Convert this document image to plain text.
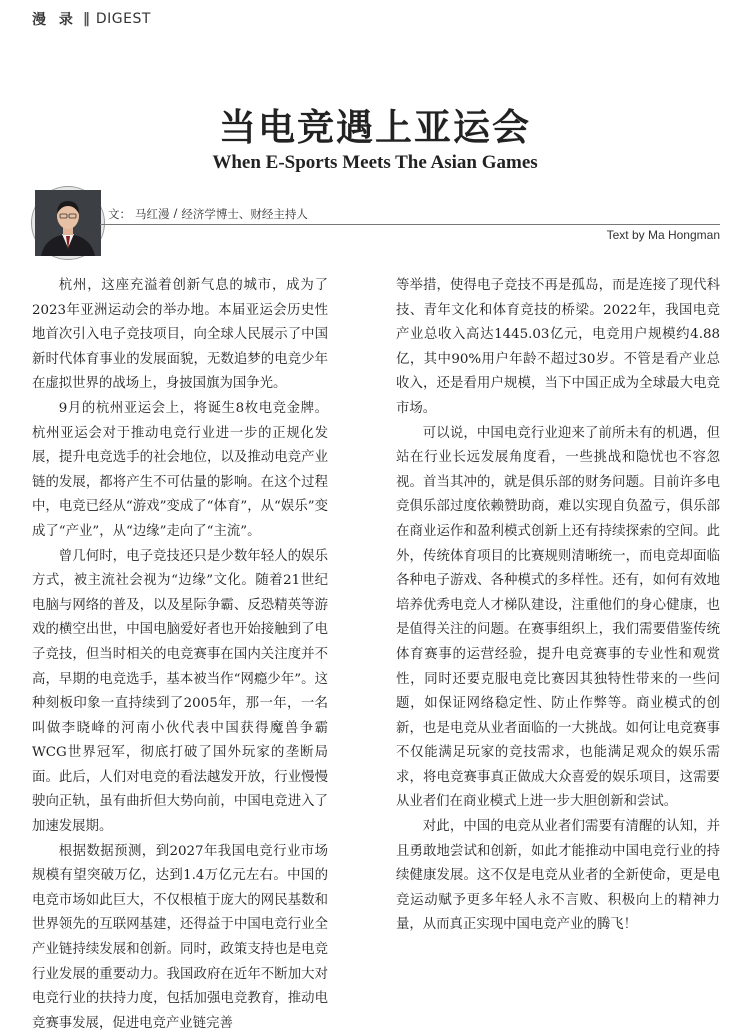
漫 录 ‖ DIGEST
当电竞遇上亚运会
When E-Sports Meets The Asian Games
文： 马红漫 / 经济学博士、财经主持人
Text by Ma Hongman

杭州，这座充溢着创新气息的城市，成为了2023年亚洲运动会的举办地。本届亚运会历史性地首次引入电子竞技项目，向全球人民展示了中国新时代体育事业的发展面貌，无数追梦的电竞少年在虚拟世界的战场上，身披国旗为国争光。

9月的杭州亚运会上，将诞生8枚电竞金牌。杭州亚运会对于推动电竞行业进一步的正规化发展，提升电竞选手的社会地位，以及推动电竞产业链的发展，都将产生不可估量的影响。在这个过程中，电竞已经从“游戏”变成了“体育”，从“娱乐”变成了“产业”，从“边缘”走向了“主流”。

曾几何时，电子竞技还只是少数年轻人的娱乐方式，被主流社会视为“边缘”文化。随着21世纪电脑与网络的普及，以及星际争霸、反恐精英等游戏的横空出世，中国电脑爱好者也开始接触到了电子竞技，但当时相关的电竞赛事在国内关注度并不高，早期的电竞选手，基本被当作“网瘾少年”。这种刻板印象一直持续到了2005年，那一年，一名叫做李晓峰的河南小伙代表中国获得魔兽争霸WCG世界冠军，彻底打破了国外玩家的垄断局面。此后，人们对电竞的看法越发开放，行业慢慢驶向正轨，虽有曲折但大势向前，中国电竞进入了加速发展期。

根据数据预测，到2027年我国电竞行业市场规模有望突破万亿，达到1.4万亿元左右。中国的电竞市场如此巨大，不仅根植于庞大的网民基数和世界领先的互联网基建，还得益于中国电竞行业全产业链持续发展和创新。同时，政策支持也是电竞行业发展的重要动力。我国政府在近年不断加大对电竞行业的扶持力度，包括加强电竞教育，推动电竞赛事发展，促进电竞产业链完善

等举措，使得电子竞技不再是孤岛，而是连接了现代科技、青年文化和体育竞技的桥梁。2022年，我国电竞产业总收入高达1445.03亿元，电竞用户规模约4.88亿，其中90%用户年龄不超过30岁。不管是看产业总收入，还是看用户规模，当下中国正成为全球最大电竞市场。

可以说，中国电竞行业迎来了前所未有的机遇，但站在行业长远发展角度看，一些挑战和隐忧也不容忽视。首当其冲的，就是俱乐部的财务问题。目前许多电竞俱乐部过度依赖赞助商，难以实现自负盈亏，俱乐部在商业运作和盈利模式创新上还有持续探索的空间。此外，传统体育项目的比赛规则清晰统一，而电竞却面临各种电子游戏、各种模式的多样性。还有，如何有效地培养优秀电竞人才梯队建设，注重他们的身心健康，也是值得关注的问题。在赛事组织上，我们需要借鉴传统体育赛事的运营经验，提升电竞赛事的专业性和观赏性，同时还要克服电竞比赛因其独特性带来的一些问题，如保证网络稳定性、防止作弊等。商业模式的创新，也是电竞从业者面临的一大挑战。如何让电竞赛事不仅能满足玩家的竞技需求，也能满足观众的娱乐需求，将电竞赛事真正做成大众喜爱的娱乐项目，这需要从业者们在商业模式上进一步大胆创新和尝试。

对此，中国的电竞从业者们需要有清醒的认知，并且勇敢地尝试和创新，如此才能推动中国电竞行业的持续健康发展。这不仅是电竞从业者的全新使命，更是电竞运动赋予更多年轻人永不言败、积极向上的精神力量，从而真正实现中国电竞产业的腾飞！
